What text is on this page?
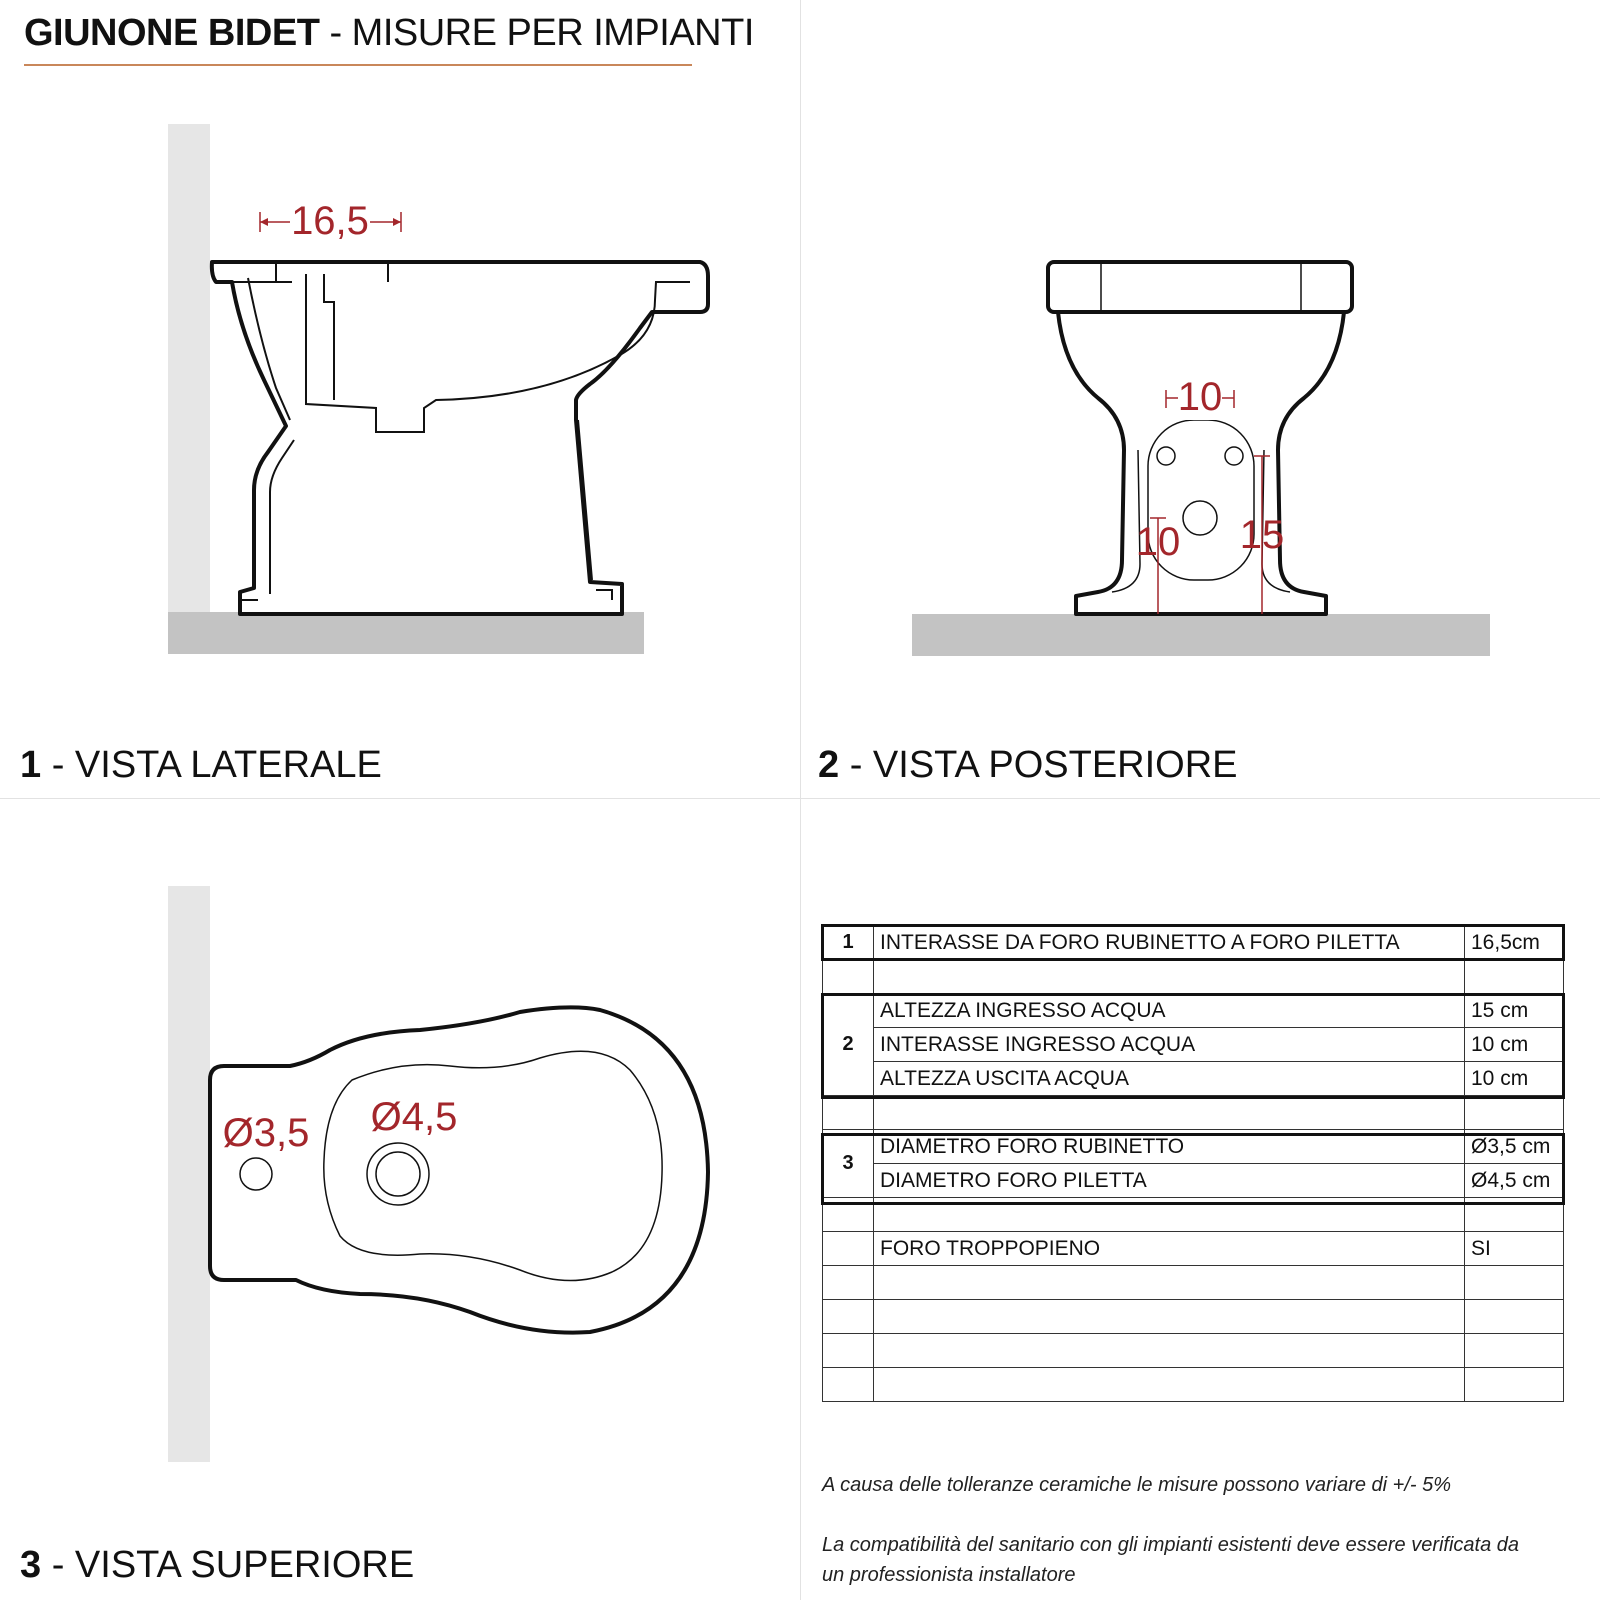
GIUNONE BIDET - MISURE PER IMPIANTI
16,5
10
10 15
Ø3,5 Ø4,5
1 - VISTA LATERALE	2 - VISTA POSTERIORE
3 - VISTA SUPERIORE
1	INTERASSE DA FORO RUBINETTO A FORO PILETTA	16,5cm

2	ALTEZZA INGRESSO ACQUA	15 cm
	INTERASSE INGRESSO ACQUA	10 cm
	ALTEZZA USCITA ACQUA	10 cm

3	DIAMETRO FORO RUBINETTO	Ø3,5 cm
	DIAMETRO FORO PILETTA	Ø4,5 cm

	FORO TROPPOPIENO	SI

A causa delle tolleranze ceramiche le misure possono variare di +/- 5%
La compatibilità del sanitario con gli impianti esistenti deve essere verificata da
un professionista installatore
